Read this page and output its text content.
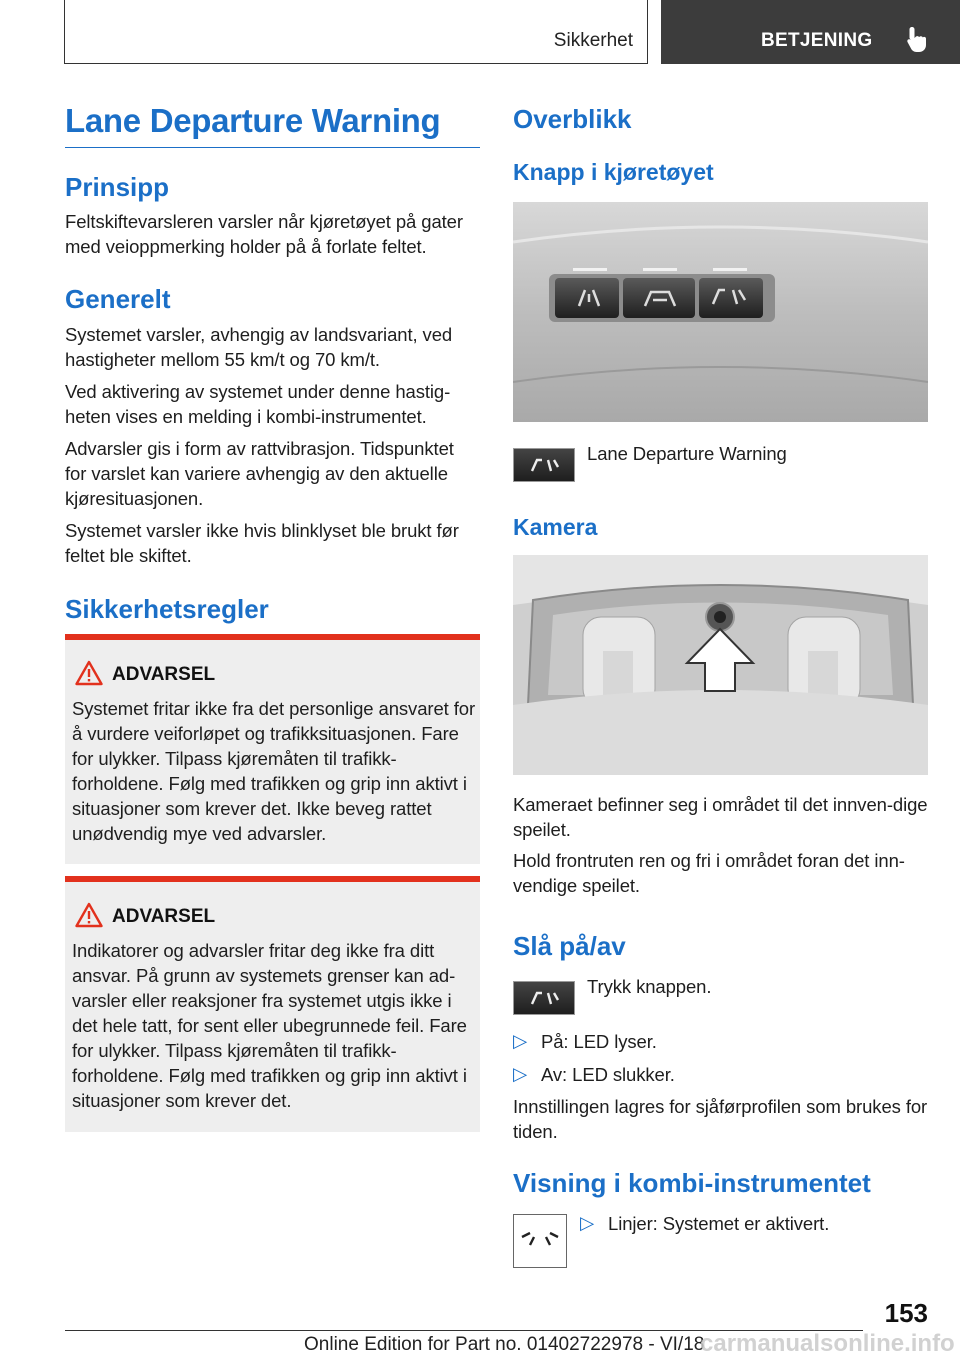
Sikkerhet	BETJENING
Lane Departure Warning
Prinsipp

Feltskiftevarsleren varsler når kjøretøyet på gater med veioppmerking holder på å forlate feltet.

Generelt

Systemet varsler, avhengig av landsvariant, ved hastigheter mellom 55 km/t og 70 km/t.

Ved aktivering av systemet under denne hastig-heten vises en melding i kombi-instrumentet.

Advarsler gis i form av rattvibrasjon. Tidspunktet for varslet kan variere avhengig av den aktuelle kjøresituasjonen.

Systemet varsler ikke hvis blinklyset ble brukt før feltet ble skiftet.

Sikkerhetsregler
ADVARSEL

Systemet fritar ikke fra det personlige ansvaret for å vurdere veiforløpet og trafikksituasjonen. Fare for ulykker. Tilpass kjøremåten til trafikk-forholdene. Følg med trafikken og grip inn aktivt i situasjoner som krever det. Ikke beveg rattet unødvendig mye ved advarsler.

ADVARSEL

Indikatorer og advarsler fritar deg ikke fra ditt ansvar. På grunn av systemets grenser kan ad-varsler eller reaksjoner fra systemet utgis ikke i det hele tatt, for sent eller ubegrunnede feil. Fare for ulykker. Tilpass kjøremåten til trafikk-forholdene. Følg med trafikken og grip inn aktivt i situasjoner som krever det.

Overblikk
Knapp i kjøretøyet

Lane Departure Warning

Kamera

Kameraet befinner seg i området til det innven-dige speilet.

Hold frontruten ren og fri i området foran det inn-vendige speilet.

Slå på/av

Trykk knappen.

▷ På: LED lyser.

▷ Av: LED slukker.

Innstillingen lagres for sjåførprofilen som brukes for tiden.

Visning i kombi-instrumentet
▷ Linjer: Systemet er aktivert.

153
Online Edition for Part no. 01402722978 - VI/18
carmanualsonline.info
